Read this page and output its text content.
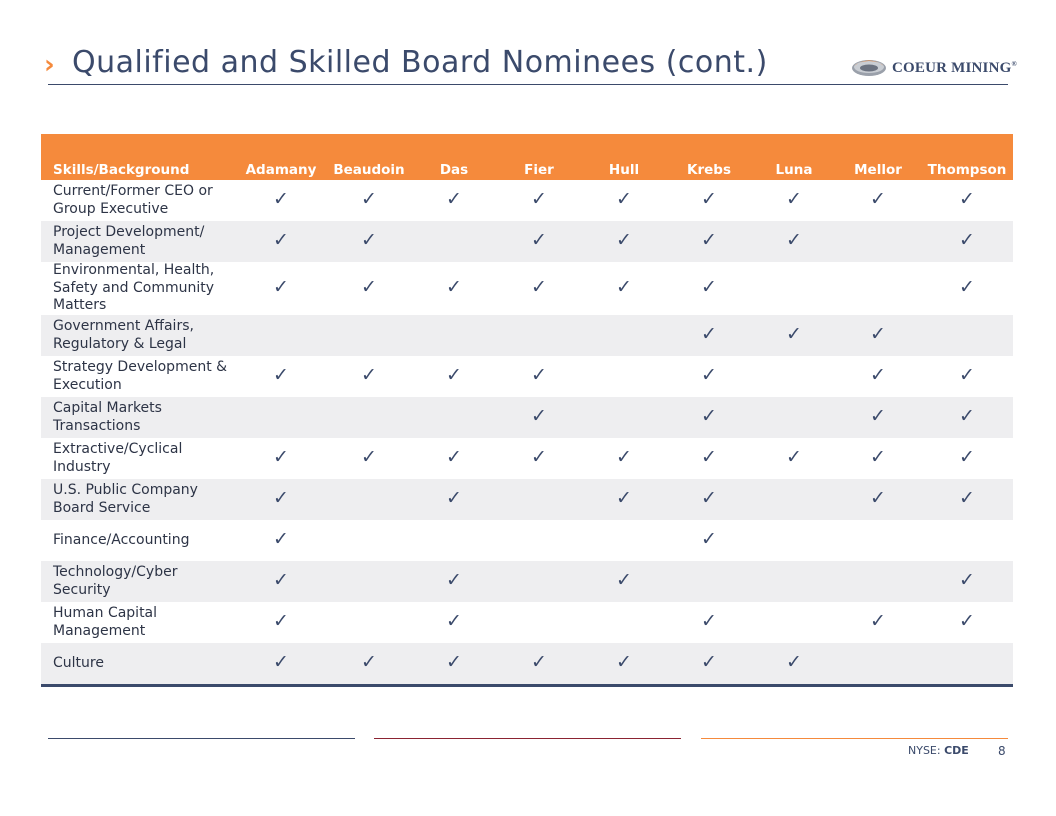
› Qualified and Skilled Board Nominees (cont.)	COEUR MINING®
Skills/Background	Adamany	Beaudoin	Das	Fier	Hull	Krebs	Luna	Mellor	Thompson
Current/Former CEO or Group Executive	✓	✓	✓	✓	✓	✓	✓	✓	✓
Project Development/ Management	✓	✓		✓	✓	✓	✓		✓
Environmental, Health, Safety and Community Matters	✓	✓	✓	✓	✓	✓			✓
Government Affairs, Regulatory & Legal						✓	✓	✓	
Strategy Development & Execution	✓	✓	✓	✓		✓		✓	✓
Capital Markets Transactions				✓		✓		✓	✓
Extractive/Cyclical Industry	✓	✓	✓	✓	✓	✓	✓	✓	✓
U.S. Public Company Board Service	✓		✓		✓	✓		✓	✓
Finance/Accounting	✓					✓			
Technology/Cyber Security	✓		✓		✓				✓
Human Capital Management	✓		✓			✓		✓	✓
Culture	✓	✓	✓	✓	✓	✓	✓		
NYSE: CDE 8
